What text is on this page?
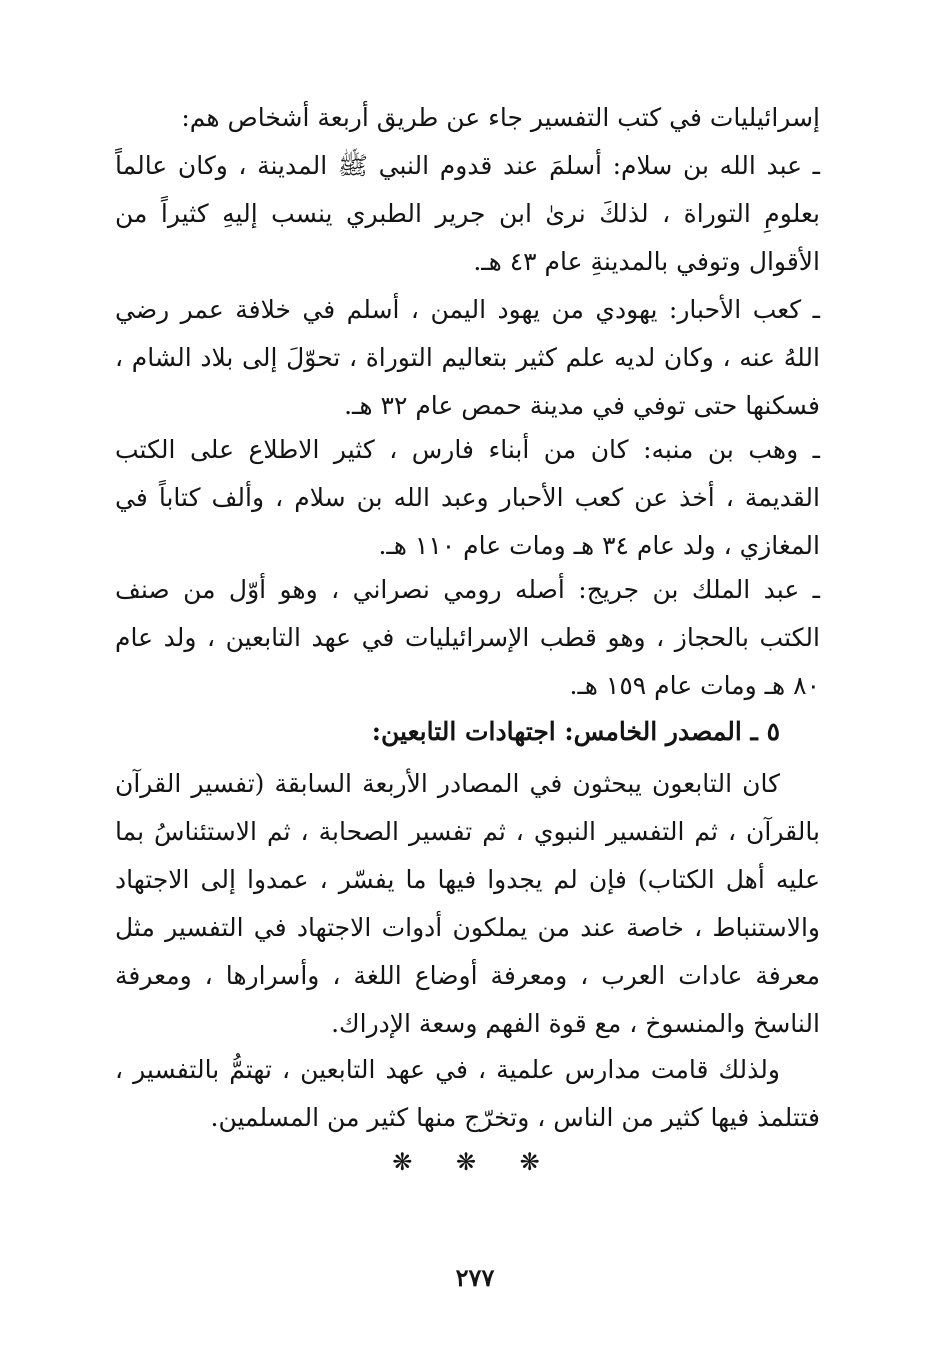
إسرائيليات في كتب التفسير جاء عن طريق أربعة أشخاص هم:

ـ عبد الله بن سلام: أسلمَ عند قدوم النبي ﷺ المدينة ، وكان عالماً بعلومِ التوراة ، لذلكَ نرىٰ ابن جرير الطبري ينسب إليهِ كثيراً من الأقوال وتوفي بالمدينةِ عام ٤٣ هـ.

ـ كعب الأحبار: يهودي من يهود اليمن ، أسلم في خلافة عمر رضي اللهُ عنه ، وكان لديه علم كثير بتعاليم التوراة ، تحوّلَ إلى بلاد الشام ، فسكنها حتى توفي في مدينة حمص عام ٣٢ هـ.

ـ وهب بن منبه: كان من أبناء فارس ، كثير الاطلاع على الكتب القديمة ، أخذ عن كعب الأحبار وعبد الله بن سلام ، وألف كتاباً في المغازي ، ولد عام ٣٤ هـ ومات عام ١١٠ هـ.

ـ عبد الملك بن جريج: أصله رومي نصراني ، وهو أوّل من صنف الكتب بالحجاز ، وهو قطب الإسرائيليات في عهد التابعين ، ولد عام ٨٠ هـ ومات عام ١٥٩ هـ.

٥ ـ المصدر الخامس: اجتهادات التابعين:

كان التابعون يبحثون في المصادر الأربعة السابقة (تفسير القرآن بالقرآن ، ثم التفسير النبوي ، ثم تفسير الصحابة ، ثم الاستئناسُ بما عليه أهل الكتاب) فإن لم يجدوا فيها ما يفسّر ، عمدوا إلى الاجتهاد والاستنباط ، خاصة عند من يملكون أدوات الاجتهاد في التفسير مثل معرفة عادات العرب ، ومعرفة أوضاع اللغة ، وأسرارها ، ومعرفة الناسخ والمنسوخ ، مع قوة الفهم وسعة الإدراك.

ولذلك قامت مدارس علمية ، في عهد التابعين ، تهتمُّ بالتفسير ، فتتلمذ فيها كثير من الناس ، وتخرّج منها كثير من المسلمين.

❋ ❋ ❋
٢٧٧
